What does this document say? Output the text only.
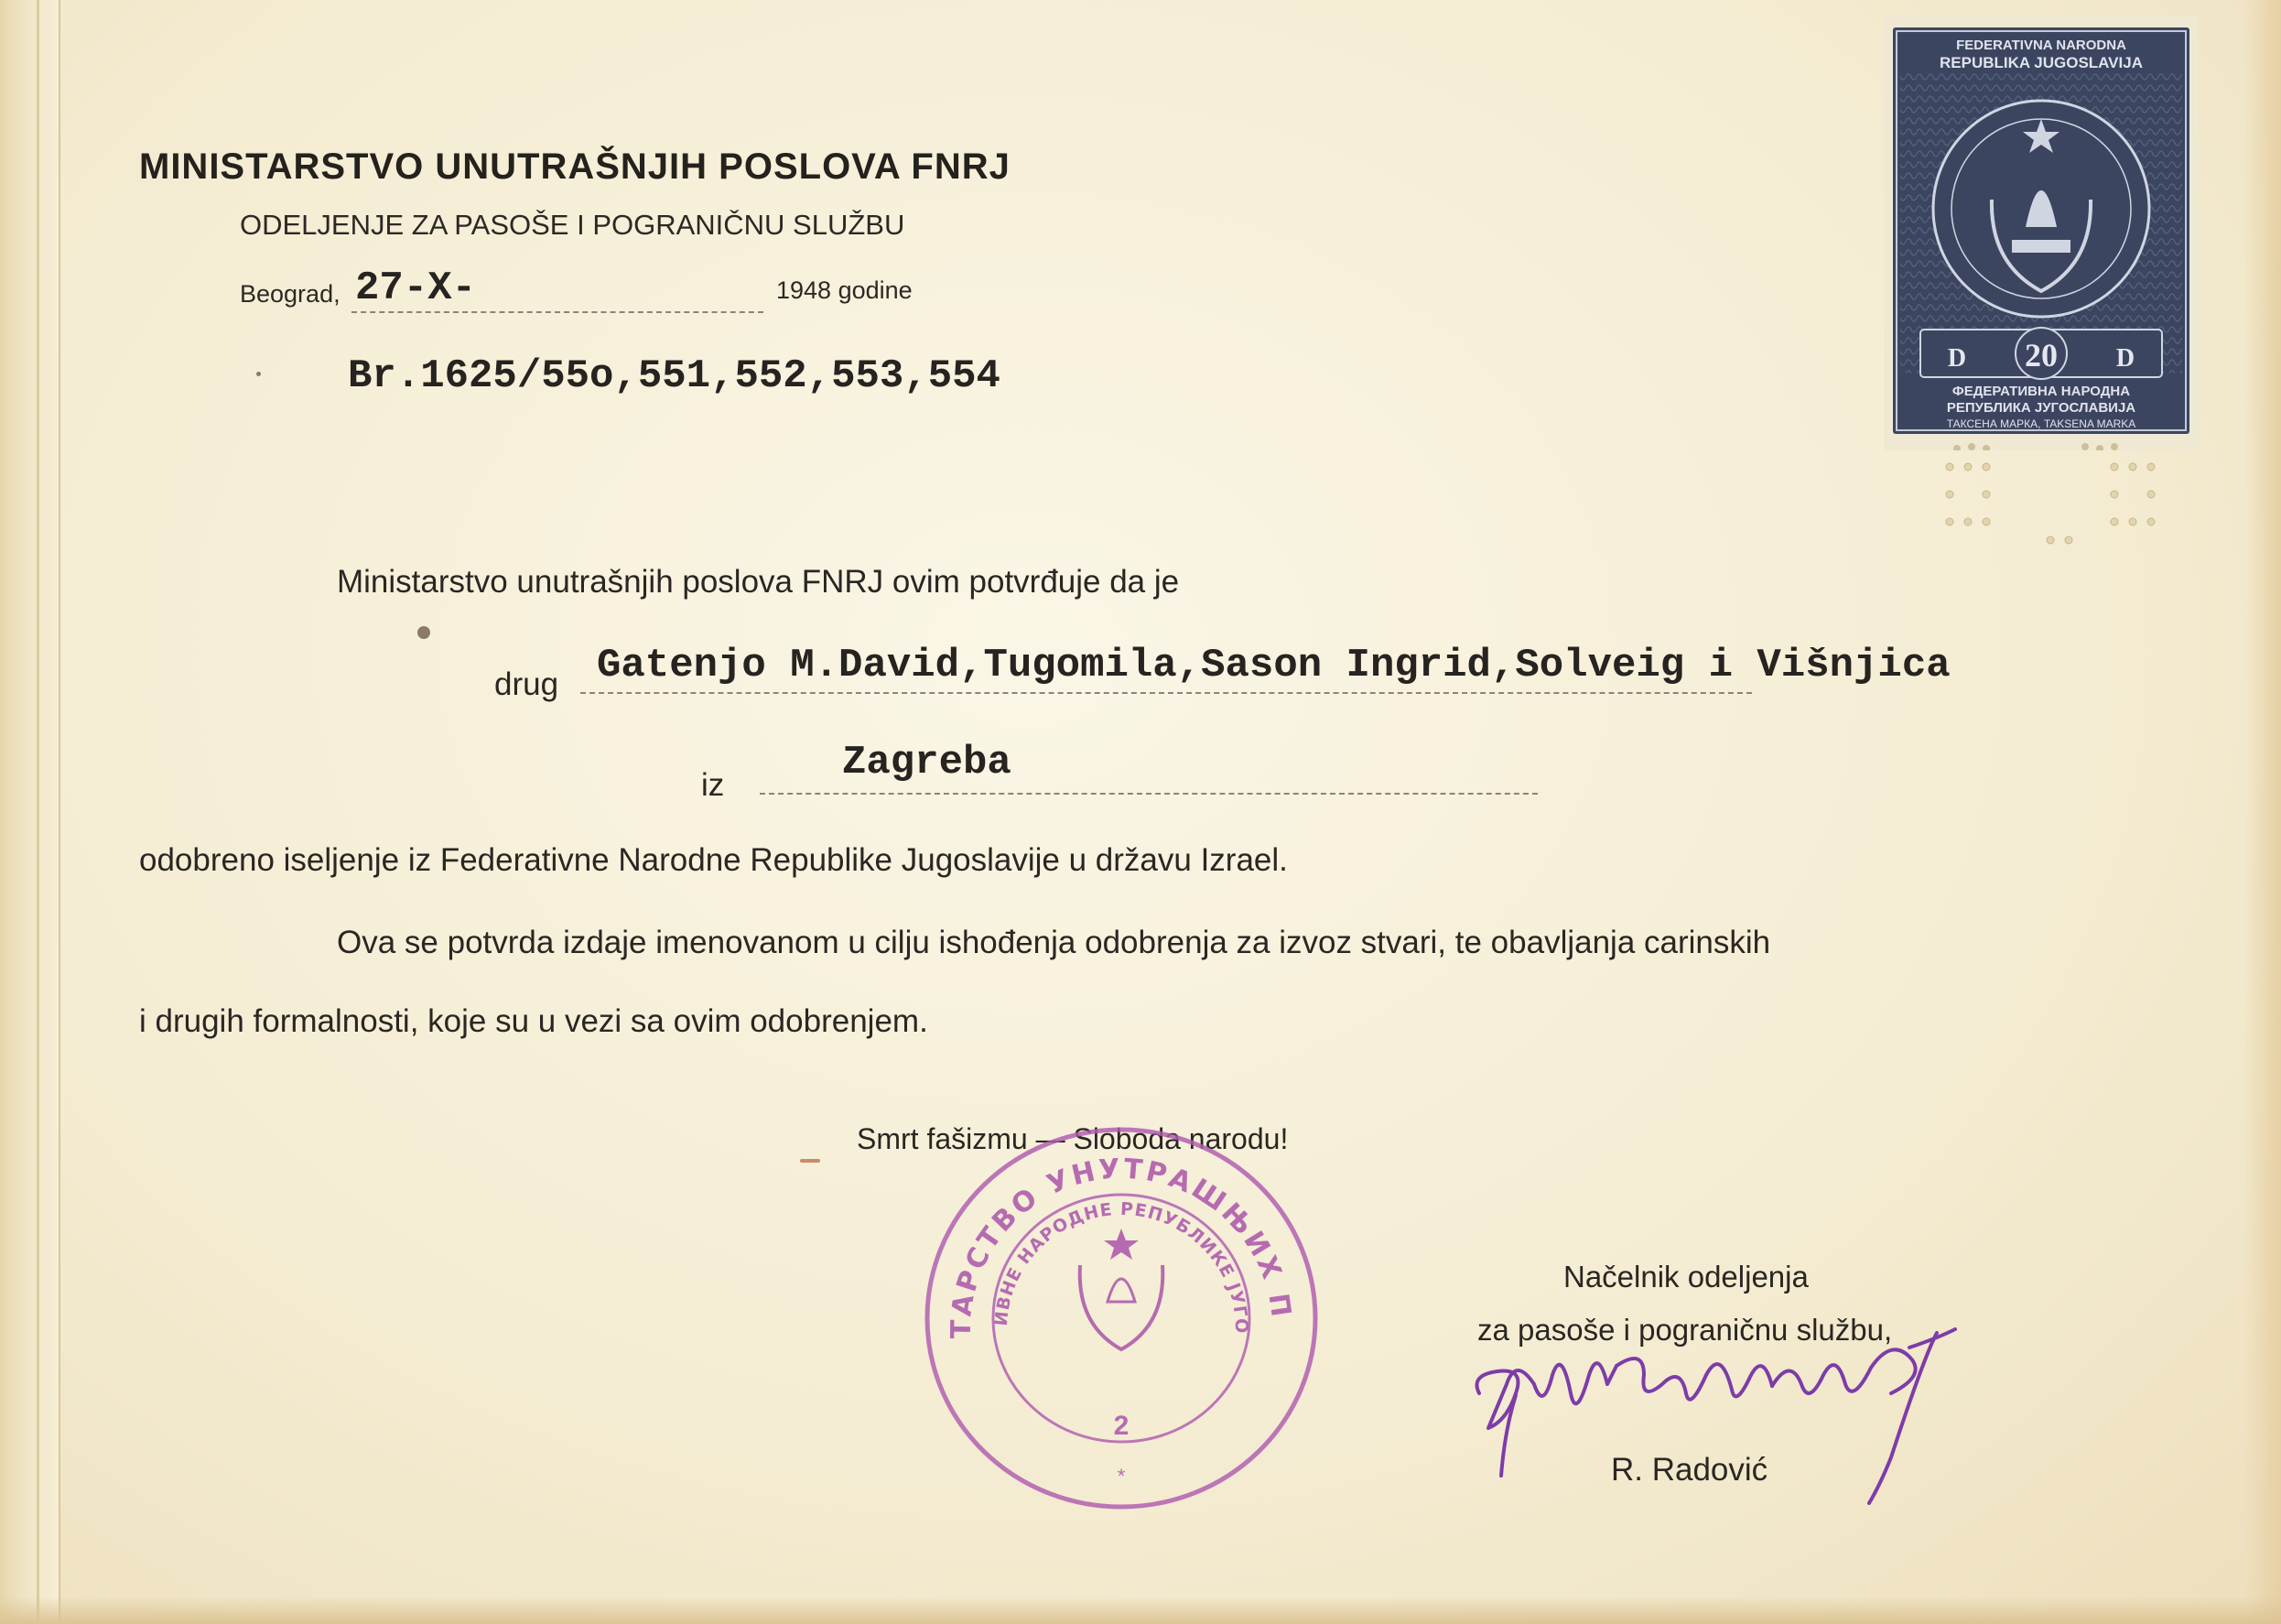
MINISTARSTVO UNUTRAŠNJIH POSLOVA FNRJ
ODELJENJE ZA PASOŠE I POGRANIČNU SLUŽBU
Beograd, 27-X-	1948 godine
Br.1625/55o,551,552,553,554
Ministarstvo unutrašnjih poslova FNRJ ovim potvrđuje da je
drug Gatenjo M.David,Tugomila,Sason Ingrid,Solveig i Višnjica
iz	Zagreba
odobreno iseljenje iz Federativne Narodne Republike Jugoslavije u državu Izrael.
Ova se potvrda izdaje imenovanom u cilju ishođenja odobrenja za izvoz stvari, te obavljanja carinskih
i drugih formalnosti, koje su u vezi sa ovim odobrenjem.
Smrt fašizmu — Sloboda narodu!
Načelnik odeljenja
za pasoše i pograničnu službu,
R. Radović
FEDERATIVNA NARODNA
REPUBLIKA JUGOSLAVIJA
D 20 D
ФЕДЕРАТИВНА НАРОДНА
РЕПУБЛИКА ЈУГОСЛАВИЈА
ТАКСЕНА МАРКА, TAKSENA MARKA
ТАРСТВО УНУТРАШЊИХ П
ИВНЕ НАРОДНЕ РЕПУБЛИКЕ ЈУГО
2
*
